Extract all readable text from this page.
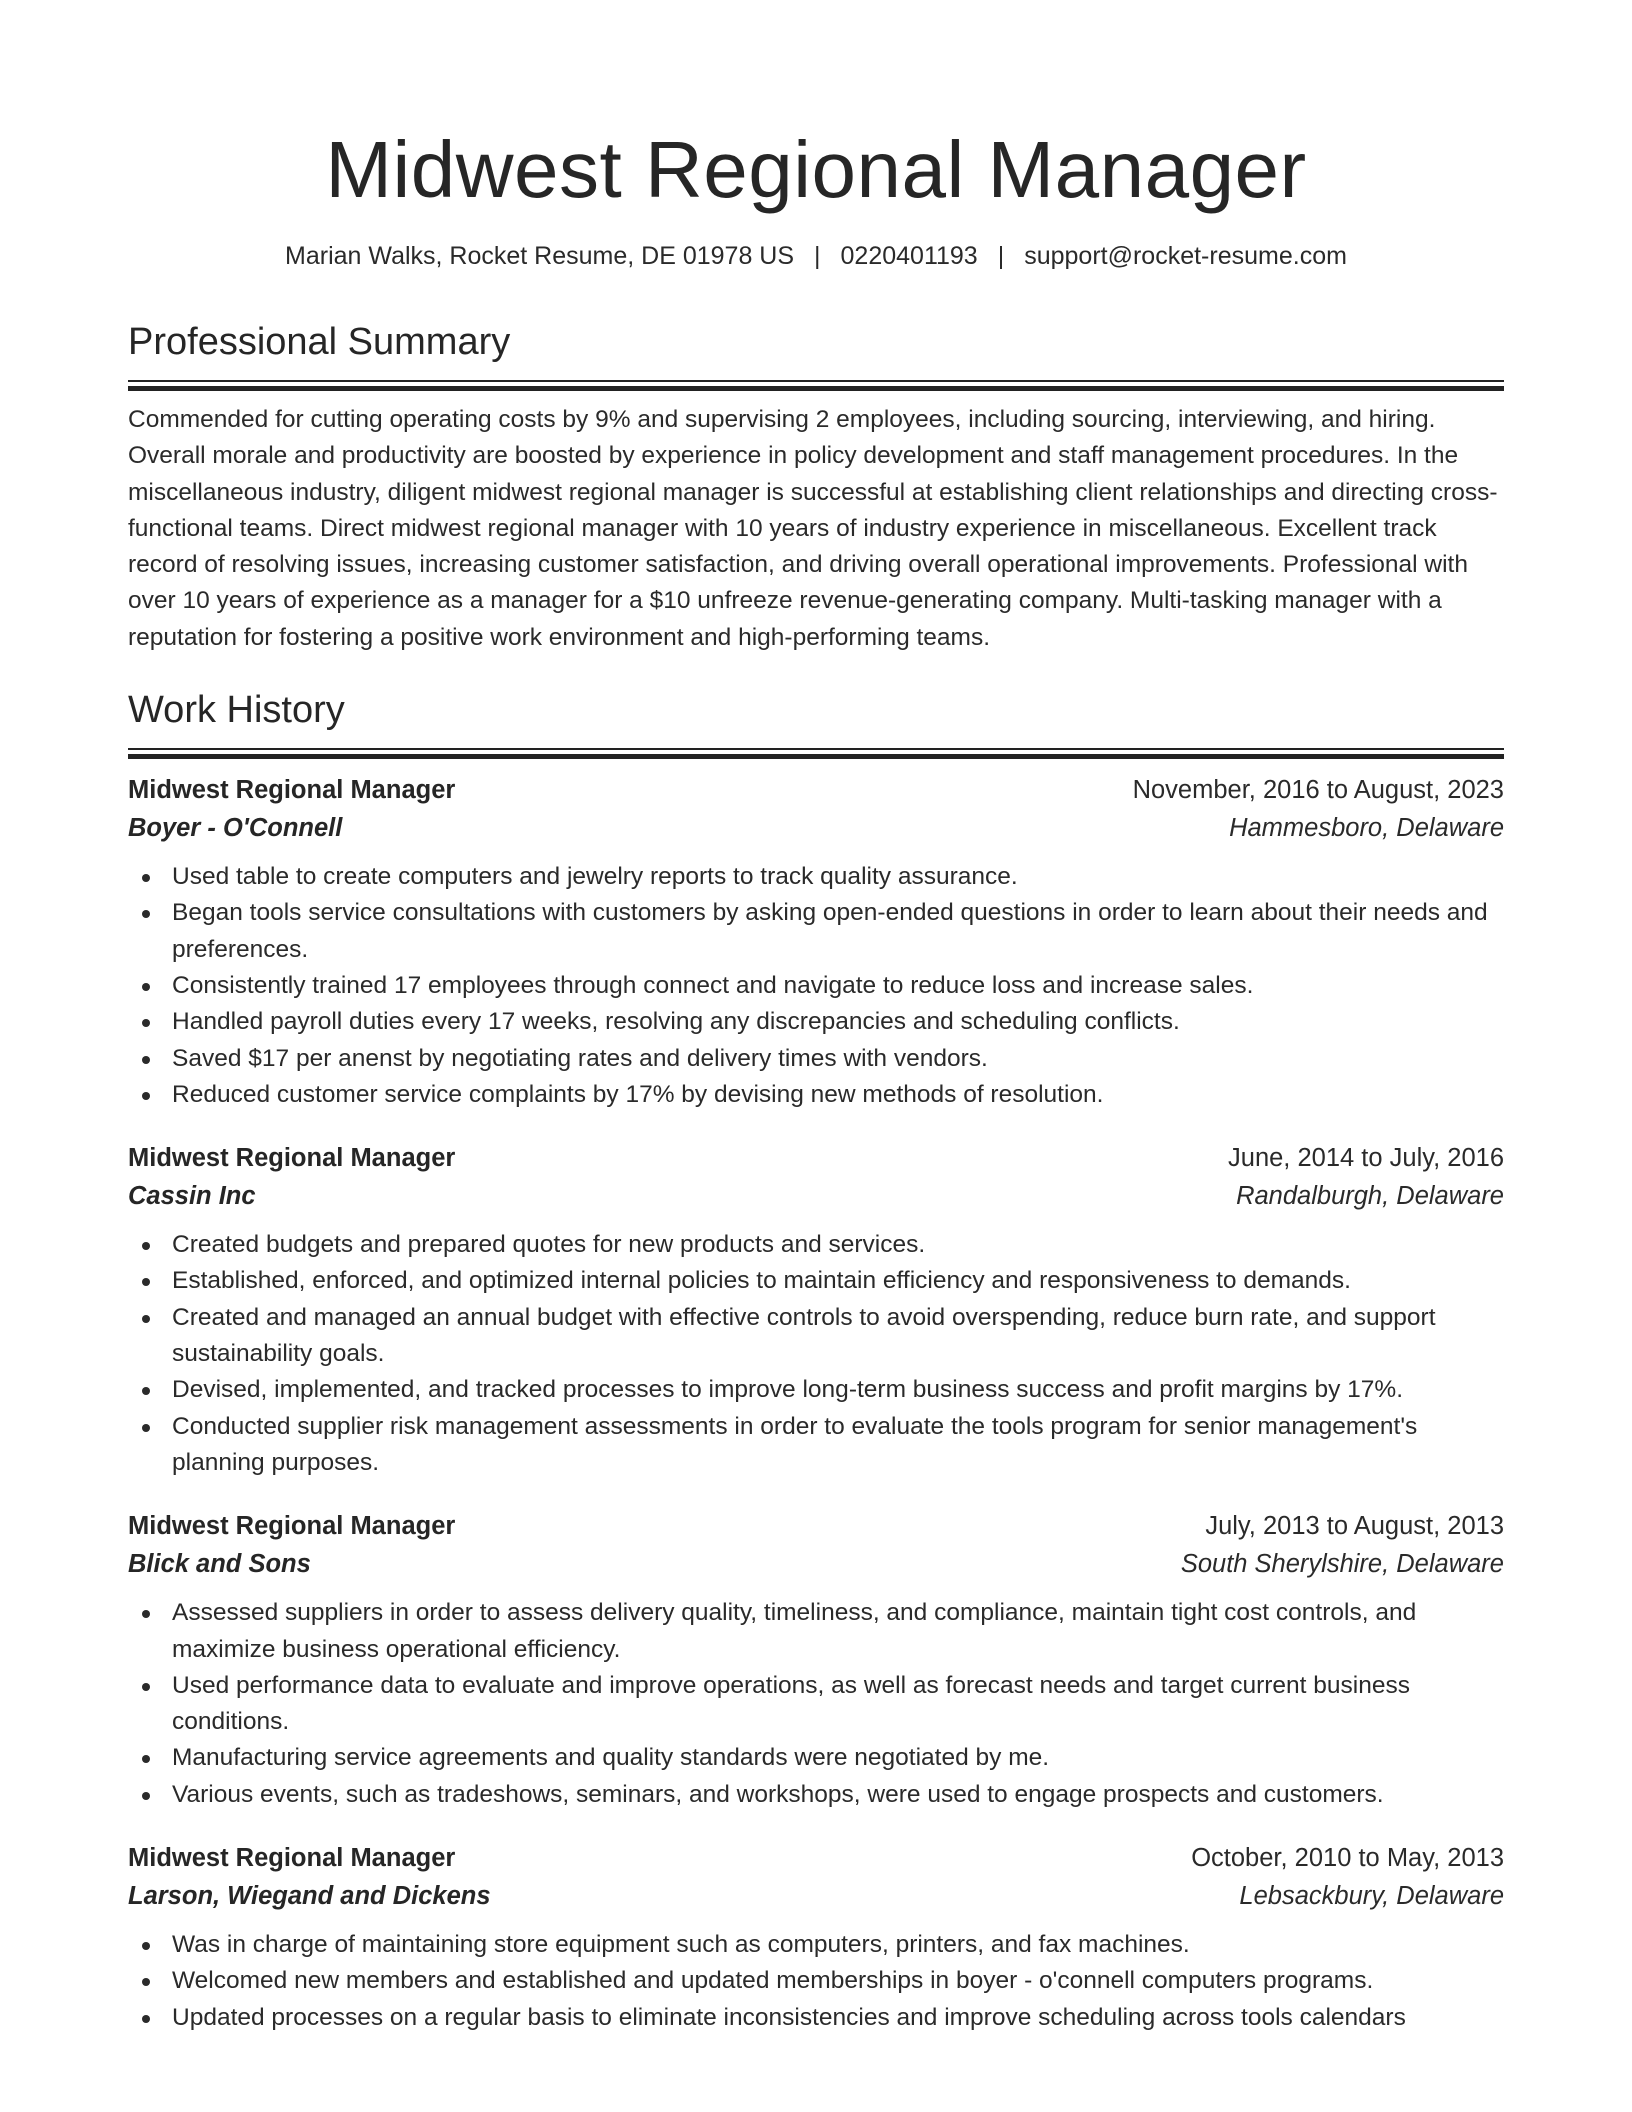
Midwest Regional Manager
Marian Walks, Rocket Resume, DE 01978 US | 0220401193 | support@rocket-resume.com
Professional Summary

Commended for cutting operating costs by 9% and supervising 2 employees, including sourcing, interviewing, and hiring. Overall morale and productivity are boosted by experience in policy development and staff management procedures. In the miscellaneous industry, diligent midwest regional manager is successful at establishing client relationships and directing cross-functional teams. Direct midwest regional manager with 10 years of industry experience in miscellaneous. Excellent track record of resolving issues, increasing customer satisfaction, and driving overall operational improvements. Professional with over 10 years of experience as a manager for a $10 unfreeze revenue-generating company. Multi-tasking manager with a reputation for fostering a positive work environment and high-performing teams.

Work History
Midwest Regional Manager	November, 2016 to August, 2023
Boyer - O'Connell	Hammesboro, Delaware
Used table to create computers and jewelry reports to track quality assurance.
Began tools service consultations with customers by asking open-ended questions in order to learn about their needs and preferences.
Consistently trained 17 employees through connect and navigate to reduce loss and increase sales.
Handled payroll duties every 17 weeks, resolving any discrepancies and scheduling conflicts.
Saved $17 per anenst by negotiating rates and delivery times with vendors.
Reduced customer service complaints by 17% by devising new methods of resolution.
Midwest Regional Manager	June, 2014 to July, 2016
Cassin Inc	Randalburgh, Delaware
Created budgets and prepared quotes for new products and services.
Established, enforced, and optimized internal policies to maintain efficiency and responsiveness to demands.
Created and managed an annual budget with effective controls to avoid overspending, reduce burn rate, and support sustainability goals.
Devised, implemented, and tracked processes to improve long-term business success and profit margins by 17%.
Conducted supplier risk management assessments in order to evaluate the tools program for senior management's planning purposes.
Midwest Regional Manager	July, 2013 to August, 2013
Blick and Sons	South Sherylshire, Delaware
Assessed suppliers in order to assess delivery quality, timeliness, and compliance, maintain tight cost controls, and maximize business operational efficiency.
Used performance data to evaluate and improve operations, as well as forecast needs and target current business conditions.
Manufacturing service agreements and quality standards were negotiated by me.
Various events, such as tradeshows, seminars, and workshops, were used to engage prospects and customers.
Midwest Regional Manager	October, 2010 to May, 2013
Larson, Wiegand and Dickens	Lebsackbury, Delaware
Was in charge of maintaining store equipment such as computers, printers, and fax machines.
Welcomed new members and established and updated memberships in boyer - o'connell computers programs.
Updated processes on a regular basis to eliminate inconsistencies and improve scheduling across tools calendars
